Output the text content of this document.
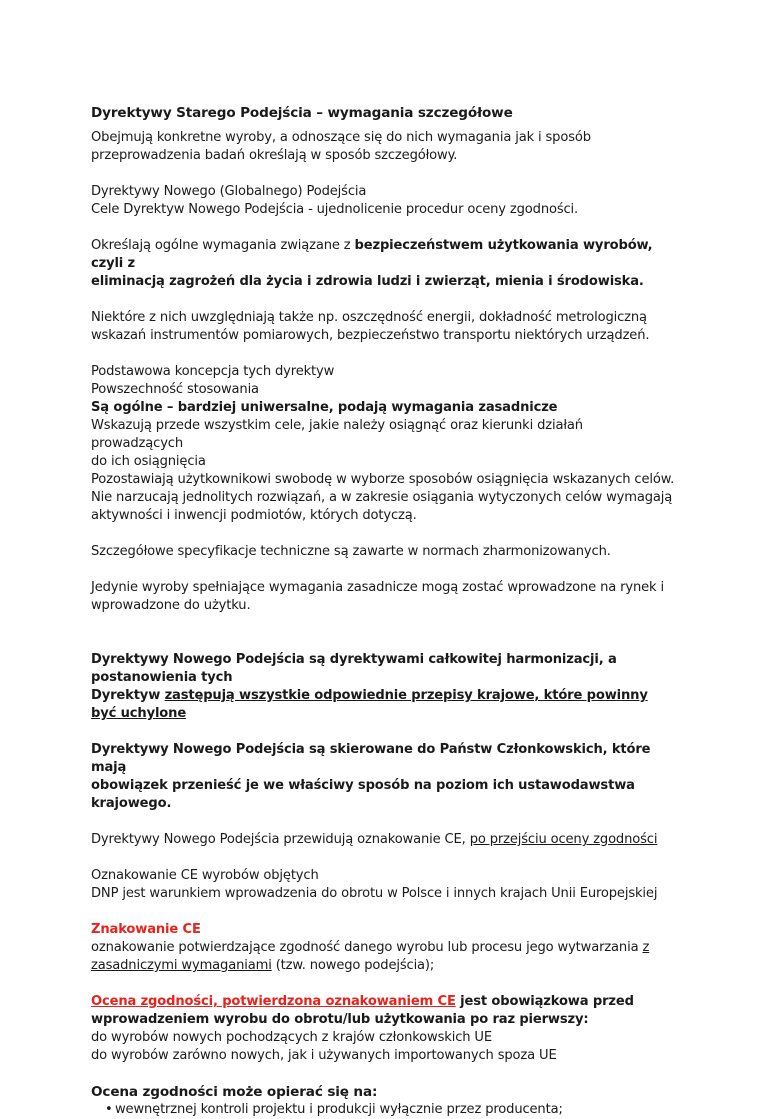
Dyrektywy Starego Podejścia – wymagania szczegółowe

Obejmują konkretne wyroby, a odnoszące się do nich wymagania jak i sposób

przeprowadzenia badań określają w sposób szczegółowy.

Dyrektywy Nowego (Globalnego) Podejścia

Cele Dyrektyw Nowego Podejścia - ujednolicenie procedur oceny zgodności.

Określają ogólne wymagania związane z bezpieczeństwem użytkowania wyrobów, czyli z

eliminacją zagrożeń dla życia i zdrowia ludzi i zwierząt, mienia i środowiska.

Niektóre z nich uwzględniają także np. oszczędność energii, dokładność metrologiczną

wskazań instrumentów pomiarowych, bezpieczeństwo transportu niektórych urządzeń.

Podstawowa koncepcja tych dyrektyw

Powszechność stosowania

Są ogólne – bardziej uniwersalne, podają wymagania zasadnicze

Wskazują przede wszystkim cele, jakie należy osiągnąć oraz kierunki działań prowadzących

do ich osiągnięcia

Pozostawiają użytkownikowi swobodę w wyborze sposobów osiągnięcia wskazanych celów.

Nie narzucają jednolitych rozwiązań, a w zakresie osiągania wytyczonych celów wymagają

aktywności i inwencji podmiotów, których dotyczą.

Szczegółowe specyfikacje techniczne są zawarte w normach zharmonizowanych.

Jedynie wyroby spełniające wymagania zasadnicze mogą zostać wprowadzone na rynek i

wprowadzone do użytku.

Dyrektywy Nowego Podejścia są dyrektywami całkowitej harmonizacji, a postanowienia tych

Dyrektyw zastępują wszystkie odpowiednie przepisy krajowe, które powinny być uchylone

Dyrektywy Nowego Podejścia są skierowane do Państw Członkowskich, które mają

obowiązek przenieść je we właściwy sposób na poziom ich ustawodawstwa krajowego.

Dyrektywy Nowego Podejścia przewidują oznakowanie CE, po przejściu oceny zgodności

Oznakowanie CE wyrobów objętych

DNP jest warunkiem wprowadzenia do obrotu w Polsce i innych krajach Unii Europejskiej

Znakowanie CE

oznakowanie potwierdzające zgodność danego wyrobu lub procesu jego wytwarzania z

zasadniczymi wymaganiami (tzw. nowego podejścia);

Ocena zgodności, potwierdzona oznakowaniem CE jest obowiązkowa przed

wprowadzeniem wyrobu do obrotu/lub użytkowania po raz pierwszy:

do wyrobów nowych pochodzących z krajów członkowskich UE

do wyrobów zarówno nowych, jak i używanych importowanych spoza UE

Ocena zgodności może opierać się na:

• wewnętrznej kontroli projektu i produkcji wyłącznie przez producenta;
